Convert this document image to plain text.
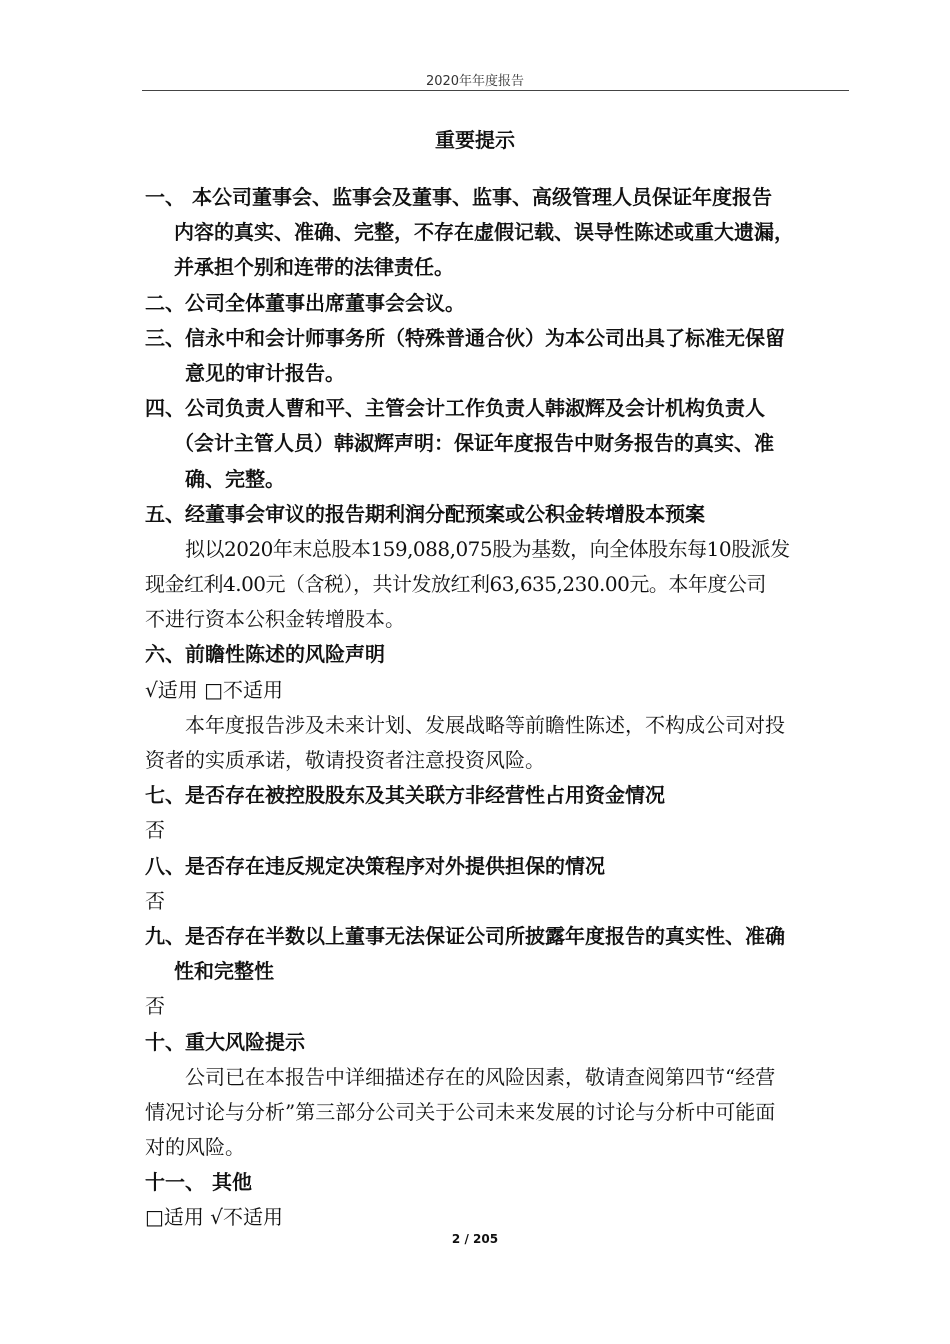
2020年年度报告
重要提示
一、 本公司董事会、监事会及董事、监事、高级管理人员保证年度报告
内容的真实、准确、完整，不存在虚假记载、误导性陈述或重大遗漏，
并承担个别和连带的法律责任。
二、公司全体董事出席董事会会议。
三、信永中和会计师事务所（特殊普通合伙）为本公司出具了标准无保留
意见的审计报告。
四、公司负责人曹和平、主管会计工作负责人韩淑辉及会计机构负责人
（会计主管人员）韩淑辉声明：保证年度报告中财务报告的真实、准
确、完整。
五、经董事会审议的报告期利润分配预案或公积金转增股本预案
拟以2020年末总股本159,088,075股为基数，向全体股东每10股派发
现金红利4.00元（含税），共计发放红利63,635,230.00元。本年度公司
不进行资本公积金转增股本。
六、前瞻性陈述的风险声明
√适用 □不适用
本年度报告涉及未来计划、发展战略等前瞻性陈述，不构成公司对投
资者的实质承诺，敬请投资者注意投资风险。
七、是否存在被控股股东及其关联方非经营性占用资金情况
否
八、是否存在违反规定决策程序对外提供担保的情况
否
九、是否存在半数以上董事无法保证公司所披露年度报告的真实性、准确
性和完整性
否
十、重大风险提示
公司已在本报告中详细描述存在的风险因素，敬请查阅第四节“经营
情况讨论与分析”第三部分公司关于公司未来发展的讨论与分析中可能面
对的风险。
十一、 其他
□适用 √不适用
2 / 205
